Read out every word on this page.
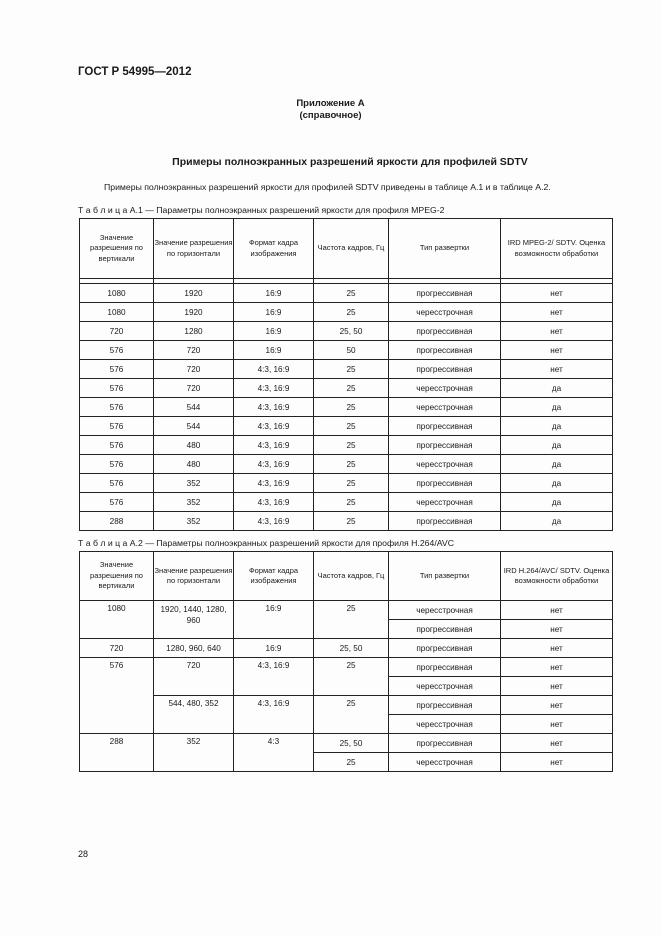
ГОСТ Р 54995—2012
Приложение А
(справочное)
Примеры полноэкранных разрешений яркости для профилей SDTV
Примеры полноэкранных разрешений яркости для профилей SDTV приведены в таблице А.1 и в таблице А.2.
Т а б л и ц а А.1 — Параметры полноэкранных разрешений яркости для профиля MPEG-2
Значение разрешения по вертикали	Значение разрешения по горизонтали	Формат кадра изображения	Частота кадров, Гц	Тип развертки	IRD MPEG-2/ SDTV. Оценка возможности обработки

1080	1920	16:9	25	прогрессивная	нет
1080	1920	16:9	25	чересстрочная	нет
720	1280	16:9	25, 50	прогрессивная	нет
576	720	16:9	50	прогрессивная	нет
576	720	4:3, 16:9	25	прогрессивная	нет
576	720	4:3, 16:9	25	чересстрочная	да
576	544	4:3, 16:9	25	чересстрочная	да
576	544	4:3, 16:9	25	прогрессивная	да
576	480	4:3, 16:9	25	прогрессивная	да
576	480	4:3, 16:9	25	чересстрочная	да
576	352	4:3, 16:9	25	прогрессивная	да
576	352	4:3, 16:9	25	чересстрочная	да
288	352	4:3, 16:9	25	прогрессивная	да
Т а б л и ц а А.2 — Параметры полноэкранных разрешений яркости для профиля Н.264/AVC
Значение разрешения по вертикали	Значение разрешения по горизонтали	Формат кадра изображения	Частота кадров, Гц	Тип развертки	IRD H.264/AVC/ SDTV. Оценка возможности обработки
1080	1920, 1440, 1280, 960	16:9	25	чересстрочная	нет
				прогрессивная	нет
720	1280, 960, 640	16:9	25, 50	прогрессивная	нет
576	720	4:3, 16:9	25	прогрессивная	нет
				чересстрочная	нет
	544, 480, 352	4:3, 16:9	25	прогрессивная	нет
				чересстрочная	нет
288	352	4:3	25, 50	прогрессивная	нет
			25	чересстрочная	нет
28
